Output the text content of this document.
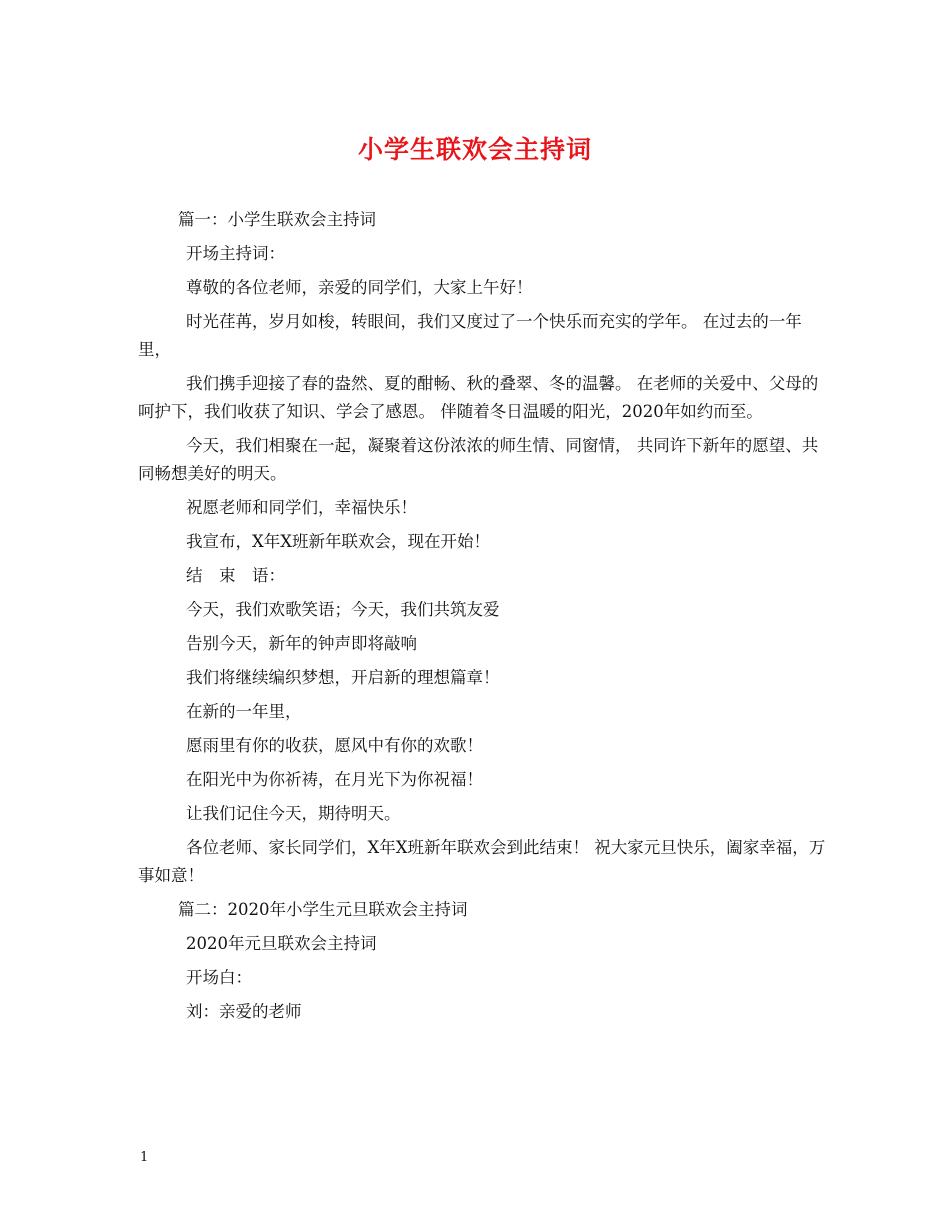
小学生联欢会主持词

篇一：小学生联欢会主持词

开场主持词：

尊敬的各位老师，亲爱的同学们，大家上午好！

时光荏苒，岁月如梭，转眼间，我们又度过了一个快乐而充实的学年。 在过去的一年里，

我们携手迎接了春的盎然、夏的酣畅、秋的叠翠、冬的温馨。 在老师的关爱中、父母的呵护下，我们收获了知识、学会了感恩。 伴随着冬日温暖的阳光，2020年如约而至。

今天，我们相聚在一起，凝聚着这份浓浓的师生情、同窗情， 共同许下新年的愿望、共同畅想美好的明天。

祝愿老师和同学们，幸福快乐！

我宣布，X年X班新年联欢会，现在开始！

结　束　语：

今天，我们欢歌笑语；今天，我们共筑友爱

告别今天，新年的钟声即将敲响

我们将继续编织梦想，开启新的理想篇章！

在新的一年里，

愿雨里有你的收获，愿风中有你的欢歌！

在阳光中为你祈祷，在月光下为你祝福！

让我们记住今天，期待明天。

各位老师、家长同学们，X年X班新年联欢会到此结束！ 祝大家元旦快乐，阖家幸福，万事如意！

篇二：2020年小学生元旦联欢会主持词

2020年元旦联欢会主持词

开场白：

刘：亲爱的老师

1
